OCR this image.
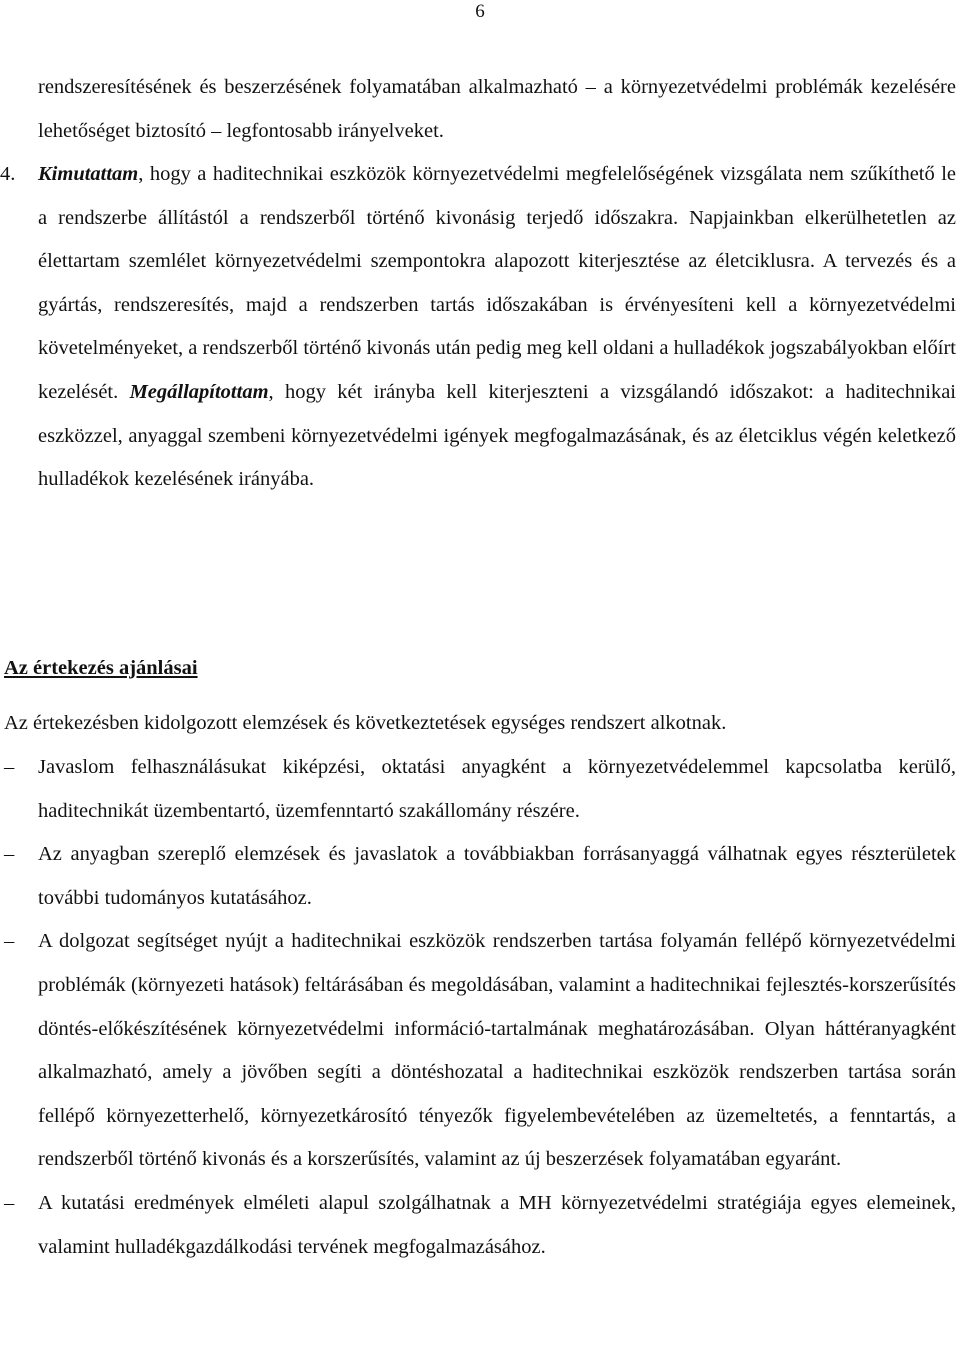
6
rendszeresítésének és beszerzésének folyamatában alkalmazható – a környezetvédelmi problémák kezelésére lehetőséget biztosító – legfontosabb irányelveket.
4. Kimutattam, hogy a haditechnikai eszközök környezetvédelmi megfelelőségének vizsgálata nem szűkíthető le a rendszerbe állítástól a rendszerből történő kivonásig terjedő időszakra. Napjainkban elkerülhetetlen az élettartam szemlélet környezetvédelmi szempontokra alapozott kiterjesztése az életciklusra. A tervezés és a gyártás, rendszeresítés, majd a rendszerben tartás időszakában is érvényesíteni kell a környezetvédelmi követelményeket, a rendszerből történő kivonás után pedig meg kell oldani a hulladékok jogszabályokban előírt kezelését. Megállapítottam, hogy két irányba kell kiterjeszteni a vizsgálandó időszakot: a haditechnikai eszközzel, anyaggal szembeni környezetvédelmi igények megfogalmazásának, és az életciklus végén keletkező hulladékok kezelésének irányába.
Az értekezés ajánlásai
Az értekezésben kidolgozott elemzések és következtetések egységes rendszert alkotnak.
– Javaslom felhasználásukat kiképzési, oktatási anyagként a környezetvédelemmel kapcsolatba kerülő, haditechnikát üzembentartó, üzemfenntartó szakállomány részére.
– Az anyagban szereplő elemzések és javaslatok a továbbiakban forrásanyaggá válhatnak egyes részterületek további tudományos kutatásához.
– A dolgozat segítséget nyújt a haditechnikai eszközök rendszerben tartása folyamán fellépő környezetvédelmi problémák (környezeti hatások) feltárásában és megoldásában, valamint a haditechnikai fejlesztés-korszerűsítés döntés-előkészítésének környezetvédelmi információ-tartalmának meghatározásában. Olyan háttéranyagként alkalmazható, amely a jövőben segíti a döntéshozatal a haditechnikai eszközök rendszerben tartása során fellépő környezetterhelő, környezetkárosító tényezők figyelembevételében az üzemeltetés, a fenntartás, a rendszerből történő kivonás és a korszerűsítés, valamint az új beszerzések folyamatában egyaránt.
– A kutatási eredmények elméleti alapul szolgálhatnak a MH környezetvédelmi stratégiája egyes elemeinek, valamint hulladékgazdálkodási tervének megfogalmazásához.
